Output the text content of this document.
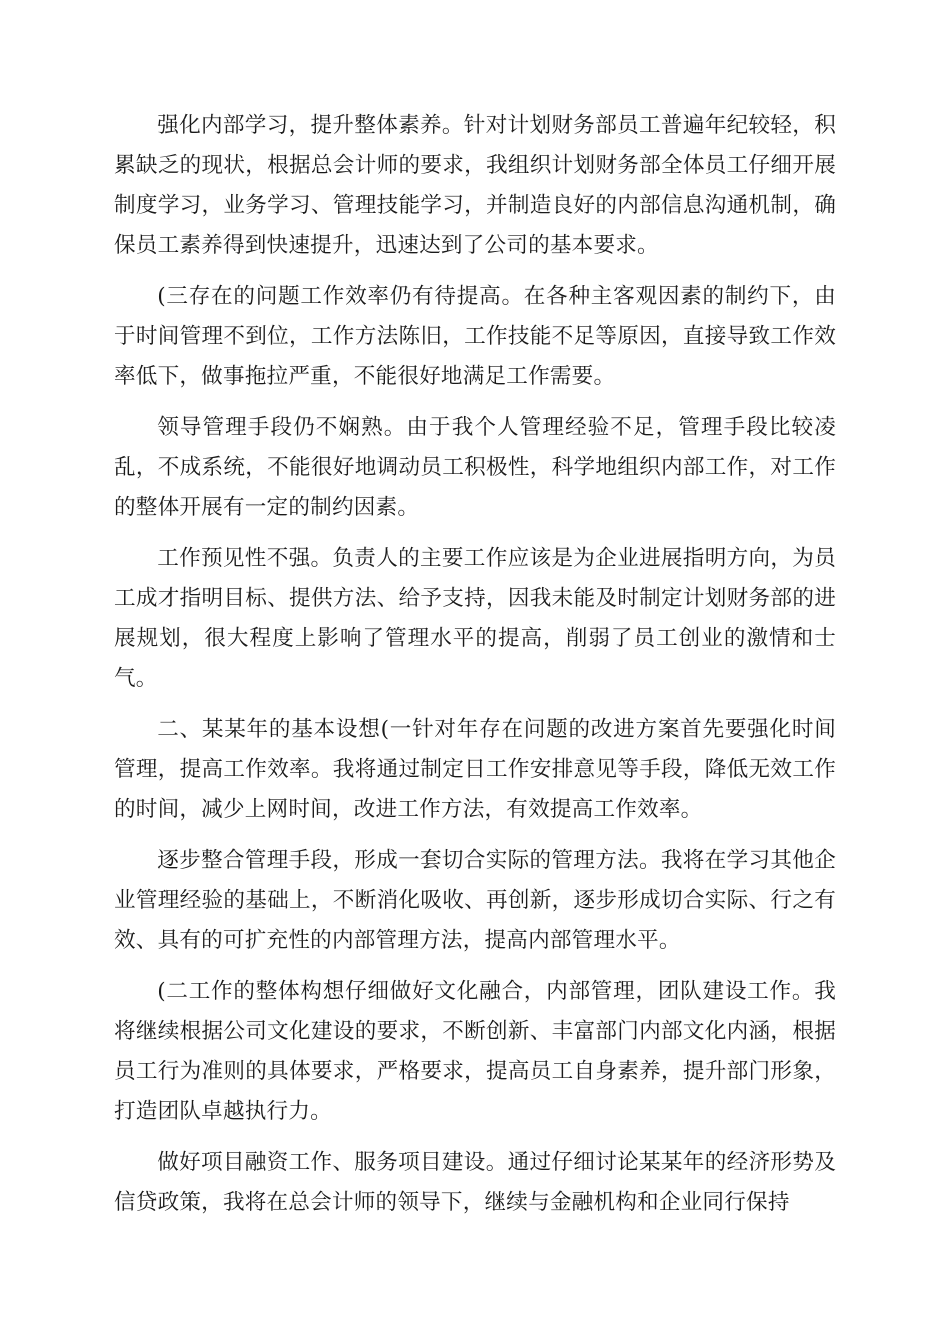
强化内部学习，提升整体素养。针对计划财务部员工普遍年纪较轻，积累缺乏的现状，根据总会计师的要求，我组织计划财务部全体员工仔细开展制度学习，业务学习、管理技能学习，并制造良好的内部信息沟通机制，确保员工素养得到快速提升，迅速达到了公司的基本要求。

(三存在的问题工作效率仍有待提高。在各种主客观因素的制约下，由于时间管理不到位，工作方法陈旧，工作技能不足等原因，直接导致工作效率低下，做事拖拉严重，不能很好地满足工作需要。

领导管理手段仍不娴熟。由于我个人管理经验不足，管理手段比较凌乱，不成系统，不能很好地调动员工积极性，科学地组织内部工作，对工作的整体开展有一定的制约因素。

工作预见性不强。负责人的主要工作应该是为企业进展指明方向，为员工成才指明目标、提供方法、给予支持，因我未能及时制定计划财务部的进展规划，很大程度上影响了管理水平的提高，削弱了员工创业的激情和士气。

二、某某年的基本设想(一针对年存在问题的改进方案首先要强化时间管理，提高工作效率。我将通过制定日工作安排意见等手段，降低无效工作的时间，减少上网时间，改进工作方法，有效提高工作效率。

逐步整合管理手段，形成一套切合实际的管理方法。我将在学习其他企业管理经验的基础上，不断消化吸收、再创新，逐步形成切合实际、行之有效、具有的可扩充性的内部管理方法，提高内部管理水平。

(二工作的整体构想仔细做好文化融合，内部管理，团队建设工作。我将继续根据公司文化建设的要求，不断创新、丰富部门内部文化内涵，根据员工行为准则的具体要求，严格要求，提高员工自身素养，提升部门形象，打造团队卓越执行力。

做好项目融资工作、服务项目建设。通过仔细讨论某某年的经济形势及信贷政策，我将在总会计师的领导下，继续与金融机构和企业同行保持
